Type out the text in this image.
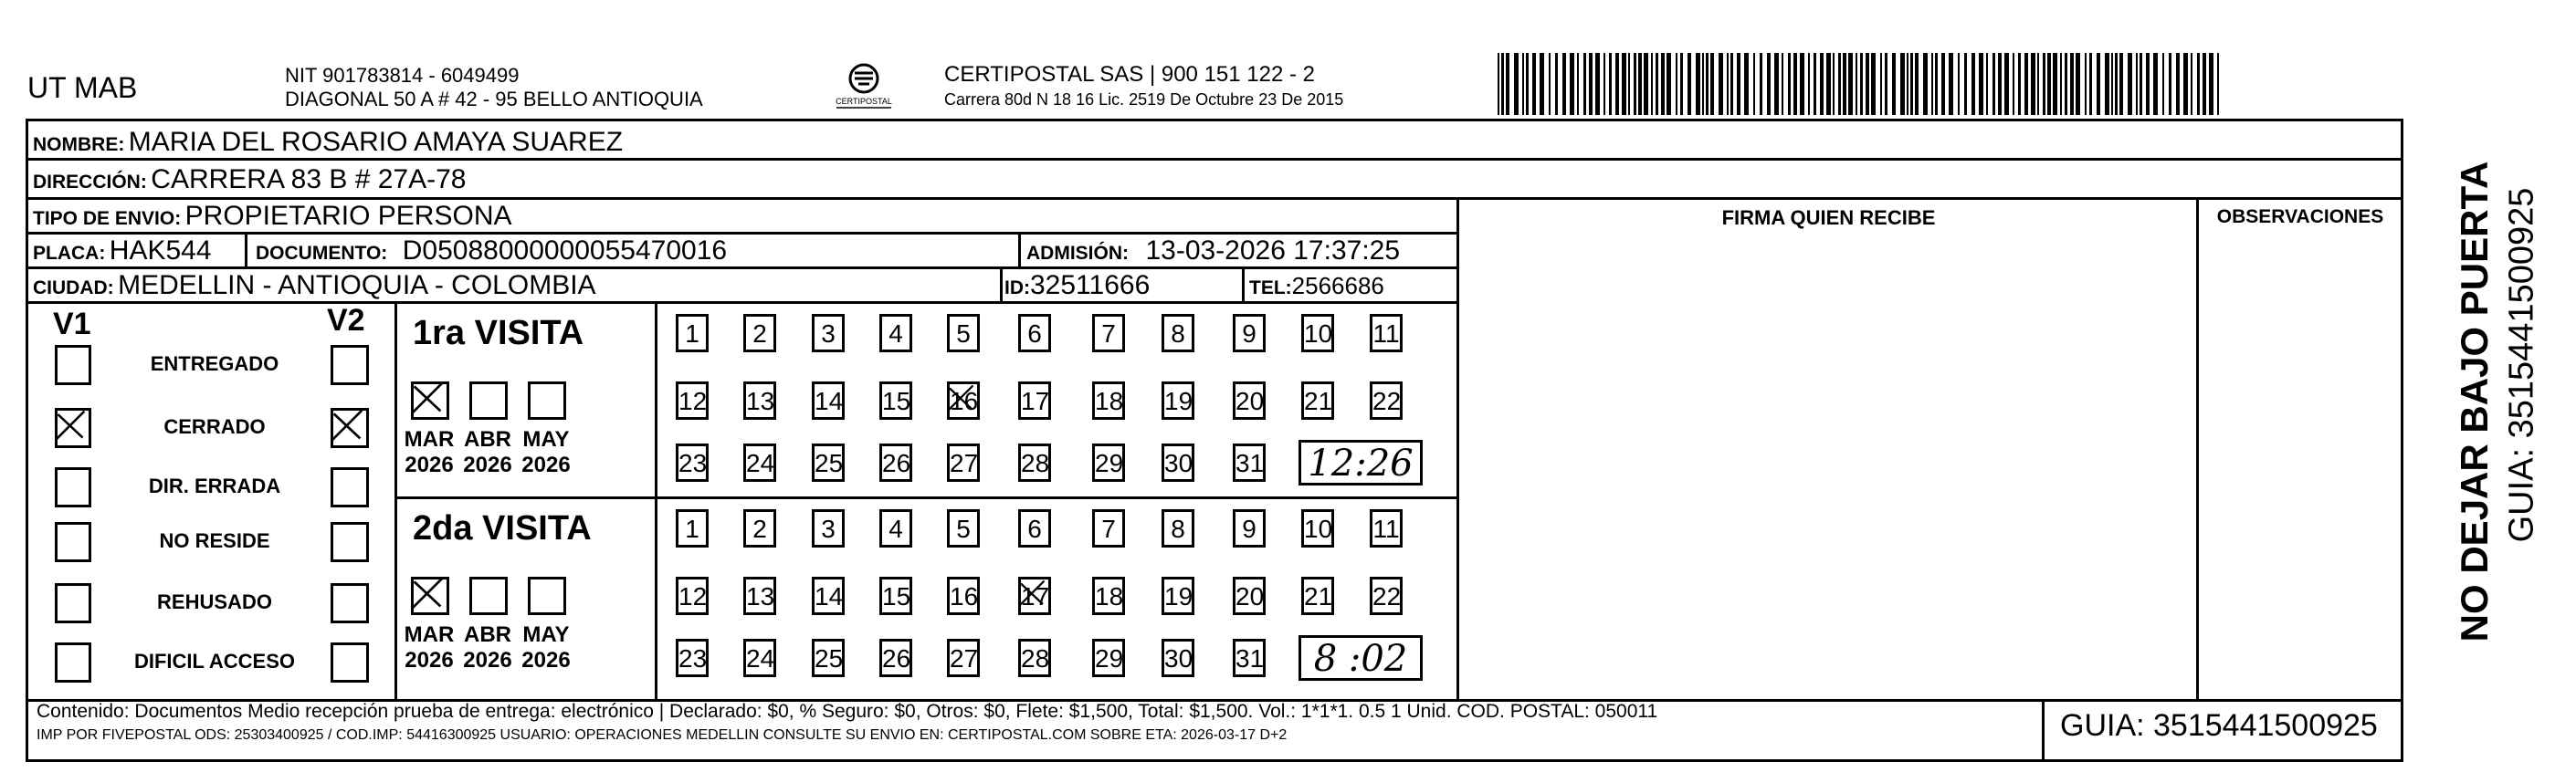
UT MAB	NIT 901783814 - 6049499
DIAGONAL 50 A # 42 - 95 BELLO ANTIOQUIA	CERTIPOSTAL
CERTIPOSTAL SAS | 900 151 122 - 2
Carrera 80d N 18 16 Lic. 2519 De Octubre 23 De 2015
NOMBRE: MARIA DEL ROSARIO AMAYA SUAREZ
DIRECCIÓN: CARRERA 83 B # 27A-78
TIPO DE ENVIO: PROPIETARIO PERSONA	FIRMA QUIEN RECIBE	OBSERVACIONES
PLACA: HAK544 DOCUMENTO: D05088000000055470016	ADMISIÓN: 13-03-2026 17:37:25
CIUDAD: MEDELLIN - ANTIOQUIA - COLOMBIA	ID:32511666	TEL:2566686
V1	V2
ENTREGADO
CERRADO
DIR. ERRADA
NO RESIDE
REHUSADO
DIFICIL ACCESO
1ra VISITA
MAR
2026
ABR
2026
MAY
2026
1	2	3	4	5	6	7	8	9	10 11
12 13 14 15 16 17 18 19 20 21 22
23 24 25 26 27 28 29 30 31 12:26
2da VISITA
MAR
2026
ABR
2026
MAY
2026
1	2	3	4	5	6	7	8	9	10 11
12 13 14 15 16 17 18 19 20 21 22
23 24 25 26 27 28 29 30 31	8 :02
Contenido: Documentos Medio recepción prueba de entrega: electrónico | Declarado: $0, % Seguro: $0, Otros: $0, Flete: $1,500, Total: $1,500. Vol.: 1*1*1. 0.5 1 Unid. COD. POSTAL: 050011
IMP POR FIVEPOSTAL ODS: 25303400925 / COD.IMP: 54416300925 USUARIO: OPERACIONES MEDELLIN CONSULTE SU ENVIO EN: CERTIPOSTAL.COM SOBRE ETA: 2026-03-17 D+2	GUIA: 3515441500925
NO DEJAR BAJO PUERTA GUIA: 3515441500925
